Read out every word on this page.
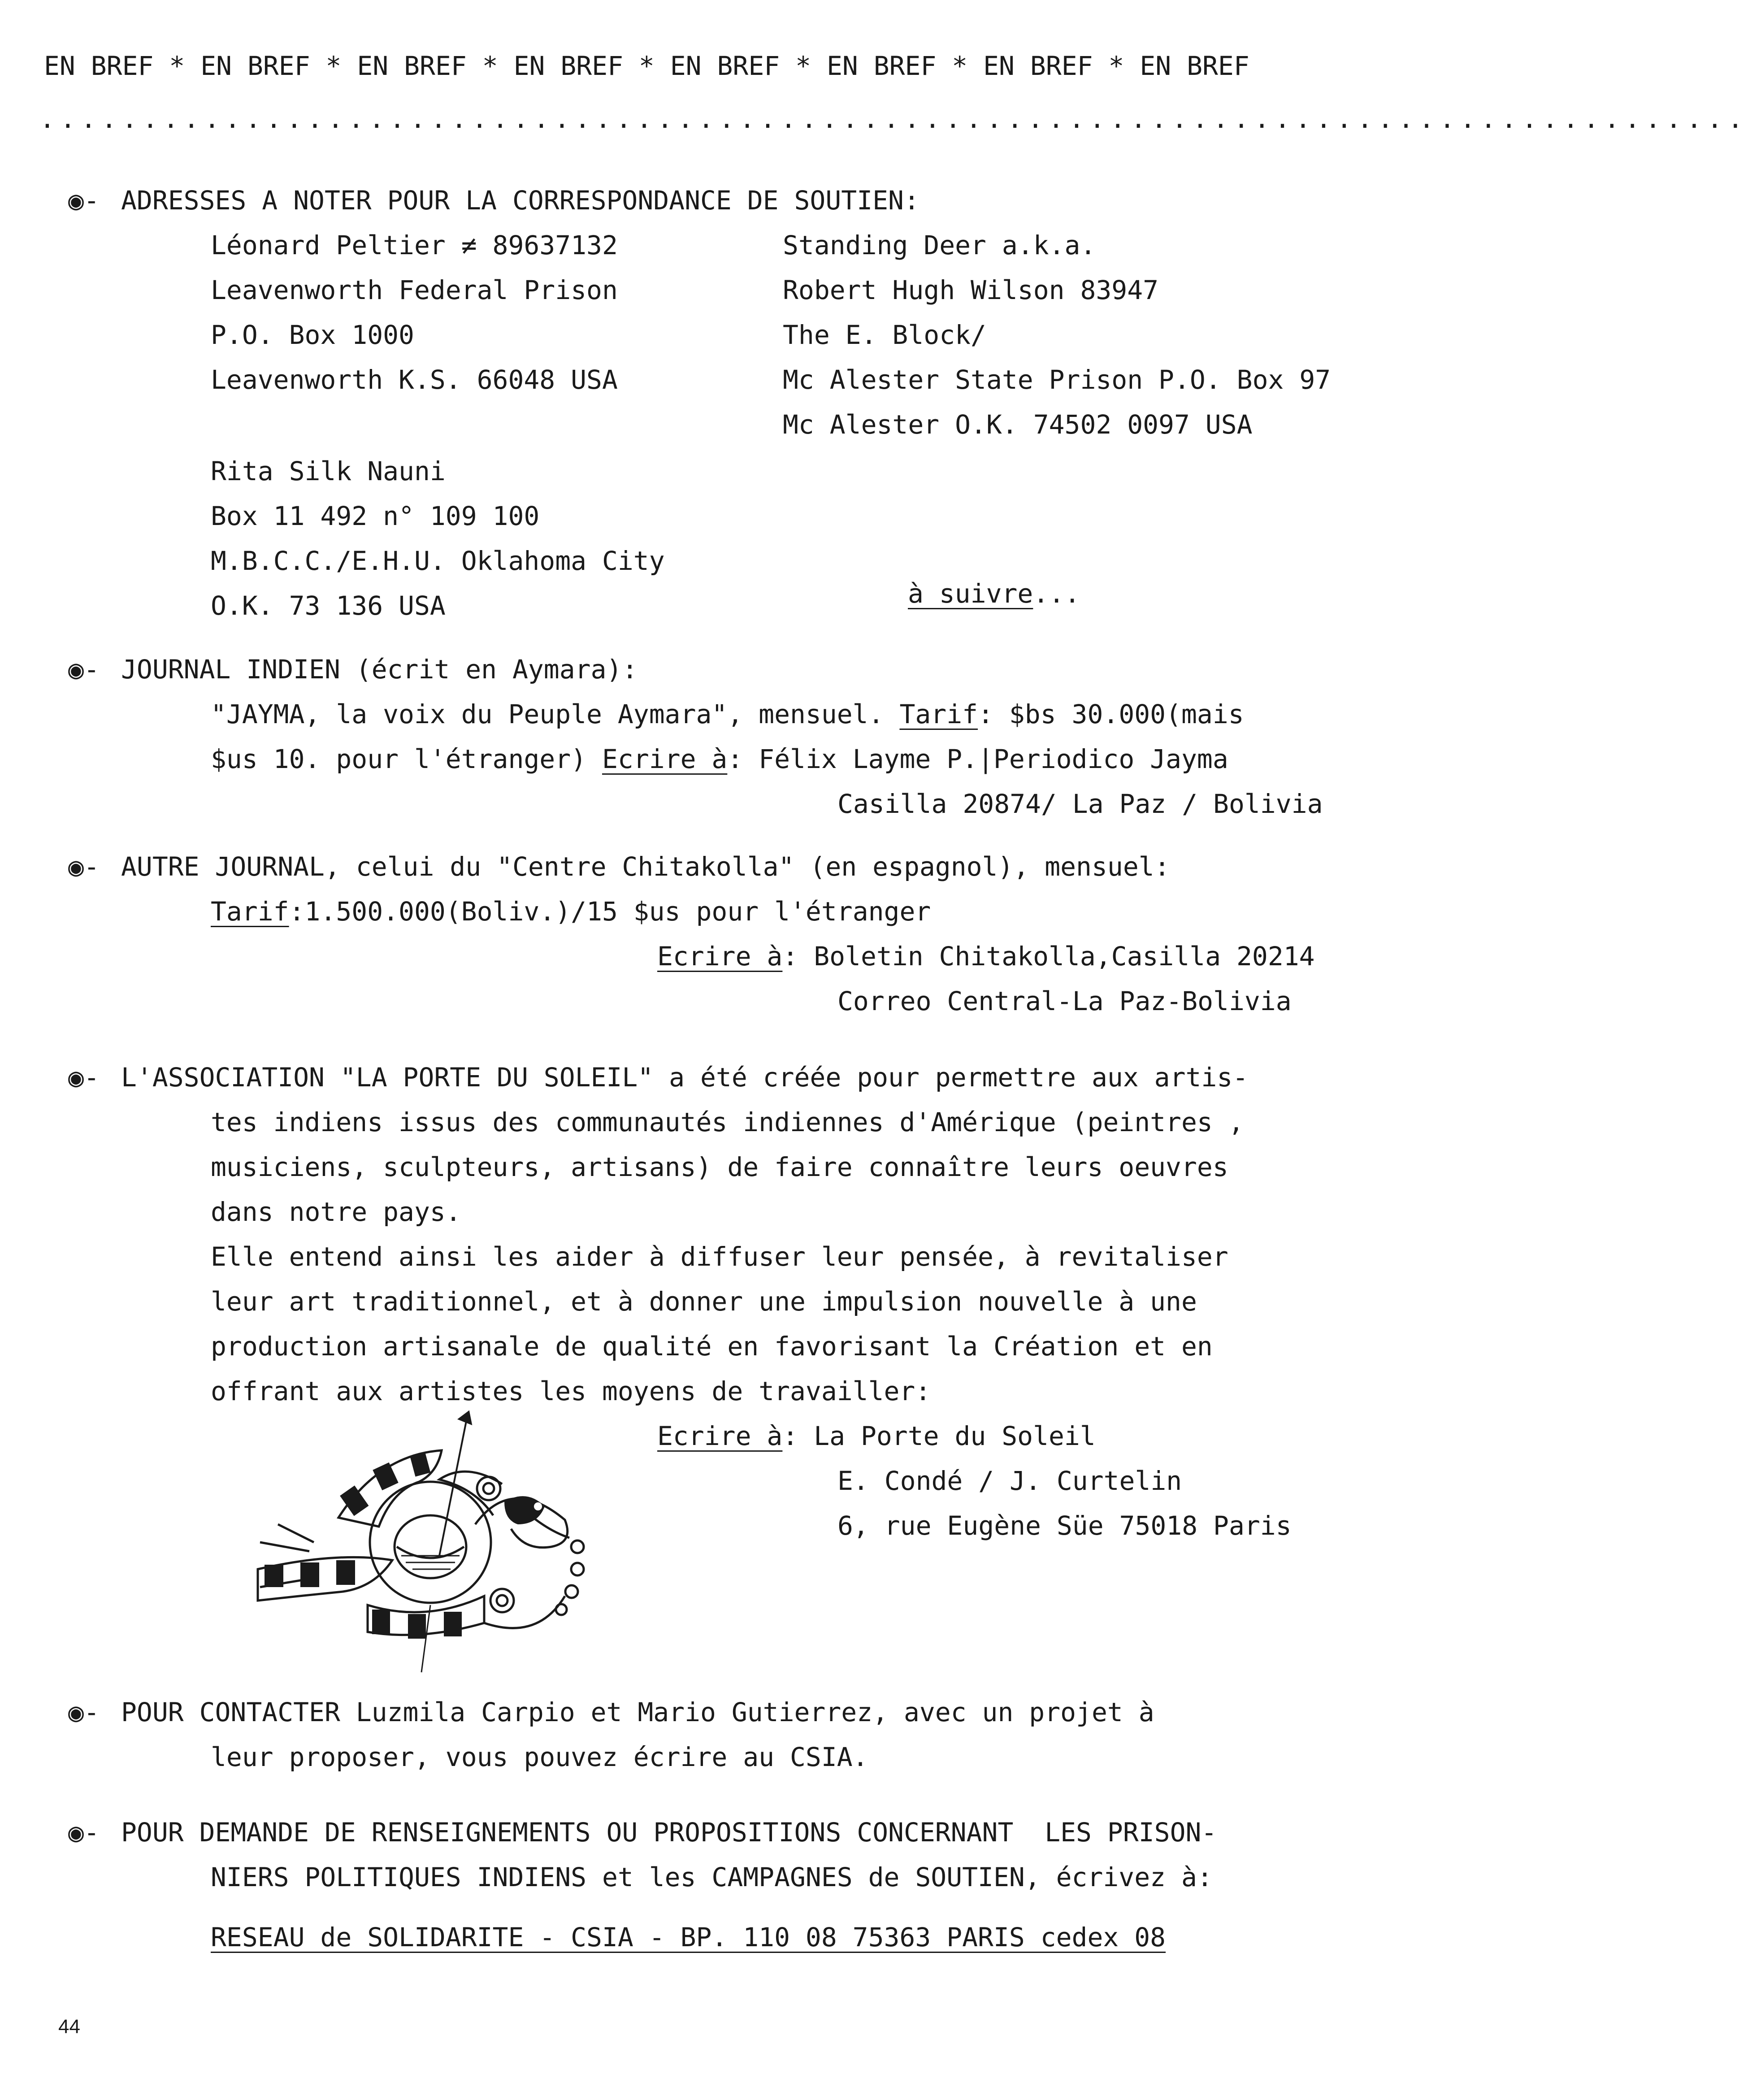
EN BREF * EN BREF * EN BREF * EN BREF * EN BREF * EN BREF * EN BREF * EN BREF
...................................................................................
◉- ADRESSES A NOTER POUR LA CORRESPONDANCE DE SOUTIEN:
Léonard Peltier ≠ 89637132
Leavenworth Federal Prison
P.O. Box 1000
Leavenworth K.S. 66048 USA
Standing Deer a.k.a.
Robert Hugh Wilson 83947
The E. Block/
Mc Alester State Prison P.O. Box 97
Mc Alester O.K. 74502 0097 USA
Rita Silk Nauni
Box 11 492 n° 109 100
M.B.C.C./E.H.U. Oklahoma City
O.K. 73 136 USA	à suivre...
◉- JOURNAL INDIEN (écrit en Aymara):
"JAYMA, la voix du Peuple Aymara", mensuel. Tarif: $bs 30.000(mais
$us 10. pour l'étranger) Ecrire à: Félix Layme P.|Periodico Jayma
Casilla 20874/ La Paz / Bolivia
◉- AUTRE JOURNAL, celui du "Centre Chitakolla" (en espagnol), mensuel:
Tarif:1.500.000(Boliv.)/15 $us pour l'étranger
Ecrire à: Boletin Chitakolla,Casilla 20214
Correo Central-La Paz-Bolivia
◉- L'ASSOCIATION "LA PORTE DU SOLEIL" a été créée pour permettre aux artis-
tes indiens issus des communautés indiennes d'Amérique (peintres ,
musiciens, sculpteurs, artisans) de faire connaître leurs oeuvres
dans notre pays.
Elle entend ainsi les aider à diffuser leur pensée, à revitaliser
leur art traditionnel, et à donner une impulsion nouvelle à une
production artisanale de qualité en favorisant la Création et en
offrant aux artistes les moyens de travailler:
Ecrire à: La Porte du Soleil
E. Condé / J. Curtelin
6, rue Eugène Süe 75018 Paris
◉- POUR CONTACTER Luzmila Carpio et Mario Gutierrez, avec un projet à
leur proposer, vous pouvez écrire au CSIA.
◉- POUR DEMANDE DE RENSEIGNEMENTS OU PROPOSITIONS CONCERNANT  LES PRISON-
NIERS POLITIQUES INDIENS et les CAMPAGNES de SOUTIEN, écrivez à:
RESEAU de SOLIDARITE - CSIA - BP. 110 08 75363 PARIS cedex 08
44
